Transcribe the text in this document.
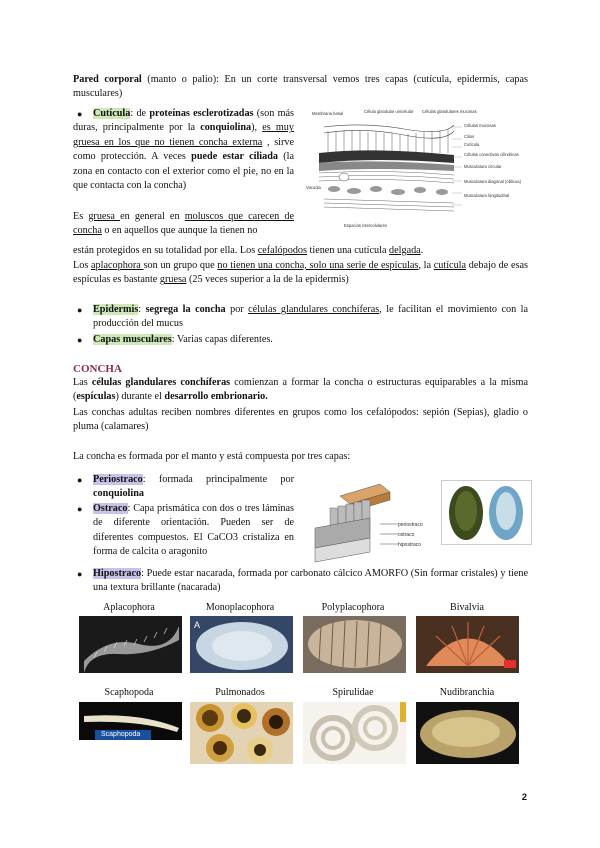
Pared corporal (manto o palio): En un corte transversal vemos tres capas (cutícula, epidermis, capas musculares)
●	Cutícula: de proteínas esclerotizadas (son más duras, principalmente por la conquiolina), es muy gruesa en los que no tienen concha externa , sirve como protección. A veces puede estar ciliada (la zona en contacto con el exterior como el pie, no en la que contacta con la concha)
Membrana basal	Célula glandular unicelular Células glandulares mucosas
Células mucosas
Cilios
Cutícula
Células conectivas cilíndricas
Musculatura circular
Musculatura diagonal (oblicua)
Musculatura longitudinal
Vacuola
Espacios intercelulares
Es gruesa en general en moluscos que carecen de concha o en aquellos que aunque la tienen no
están protegidos en su totalidad por ella. Los cefalópodos tienen una cutícula delgada.
Los aplacophora son un grupo que no tienen una concha, solo una serie de espículas, la cutícula debajo de esas espículas es bastante gruesa (25 veces superior a la de la epidermis)
● Epidermis: segrega la concha por células glandulares conchíferas, le facilitan el movimiento con la producción del mucus
● Capas musculares: Varias capas diferentes.
CONCHA
Las células glandulares conchíferas comienzan a formar la concha o estructuras equiparables a la misma (espículas) durante el desarrollo embrionario.
Las conchas adultas reciben nombres diferentes en grupos como los cefalópodos: sepión (Sepias), gladio o pluma (calamares)
La concha es formada por el manto y está compuesta por tres capas:
● Periostraco: formada principalmente por conquiolina
● Ostraco: Capa prismática con dos o tres láminas de diferente orientación. Pueden ser de diferentes compuestos. El CaCO3 cristaliza en forma de calcita o aragonito
periostraco
ostraco
hipostraco
● Hipostraco: Puede estar nacarada, formada por carbonato cálcico AMORFO (Sin formar cristales) y tiene una textura brillante (nacarada)
Aplacophora	Monoplacophora	Polyplacophora	Bivalvia
A
Scaphopoda	Pulmonados	Spirulidae	Nudibranchia
Scaphopoda
2
